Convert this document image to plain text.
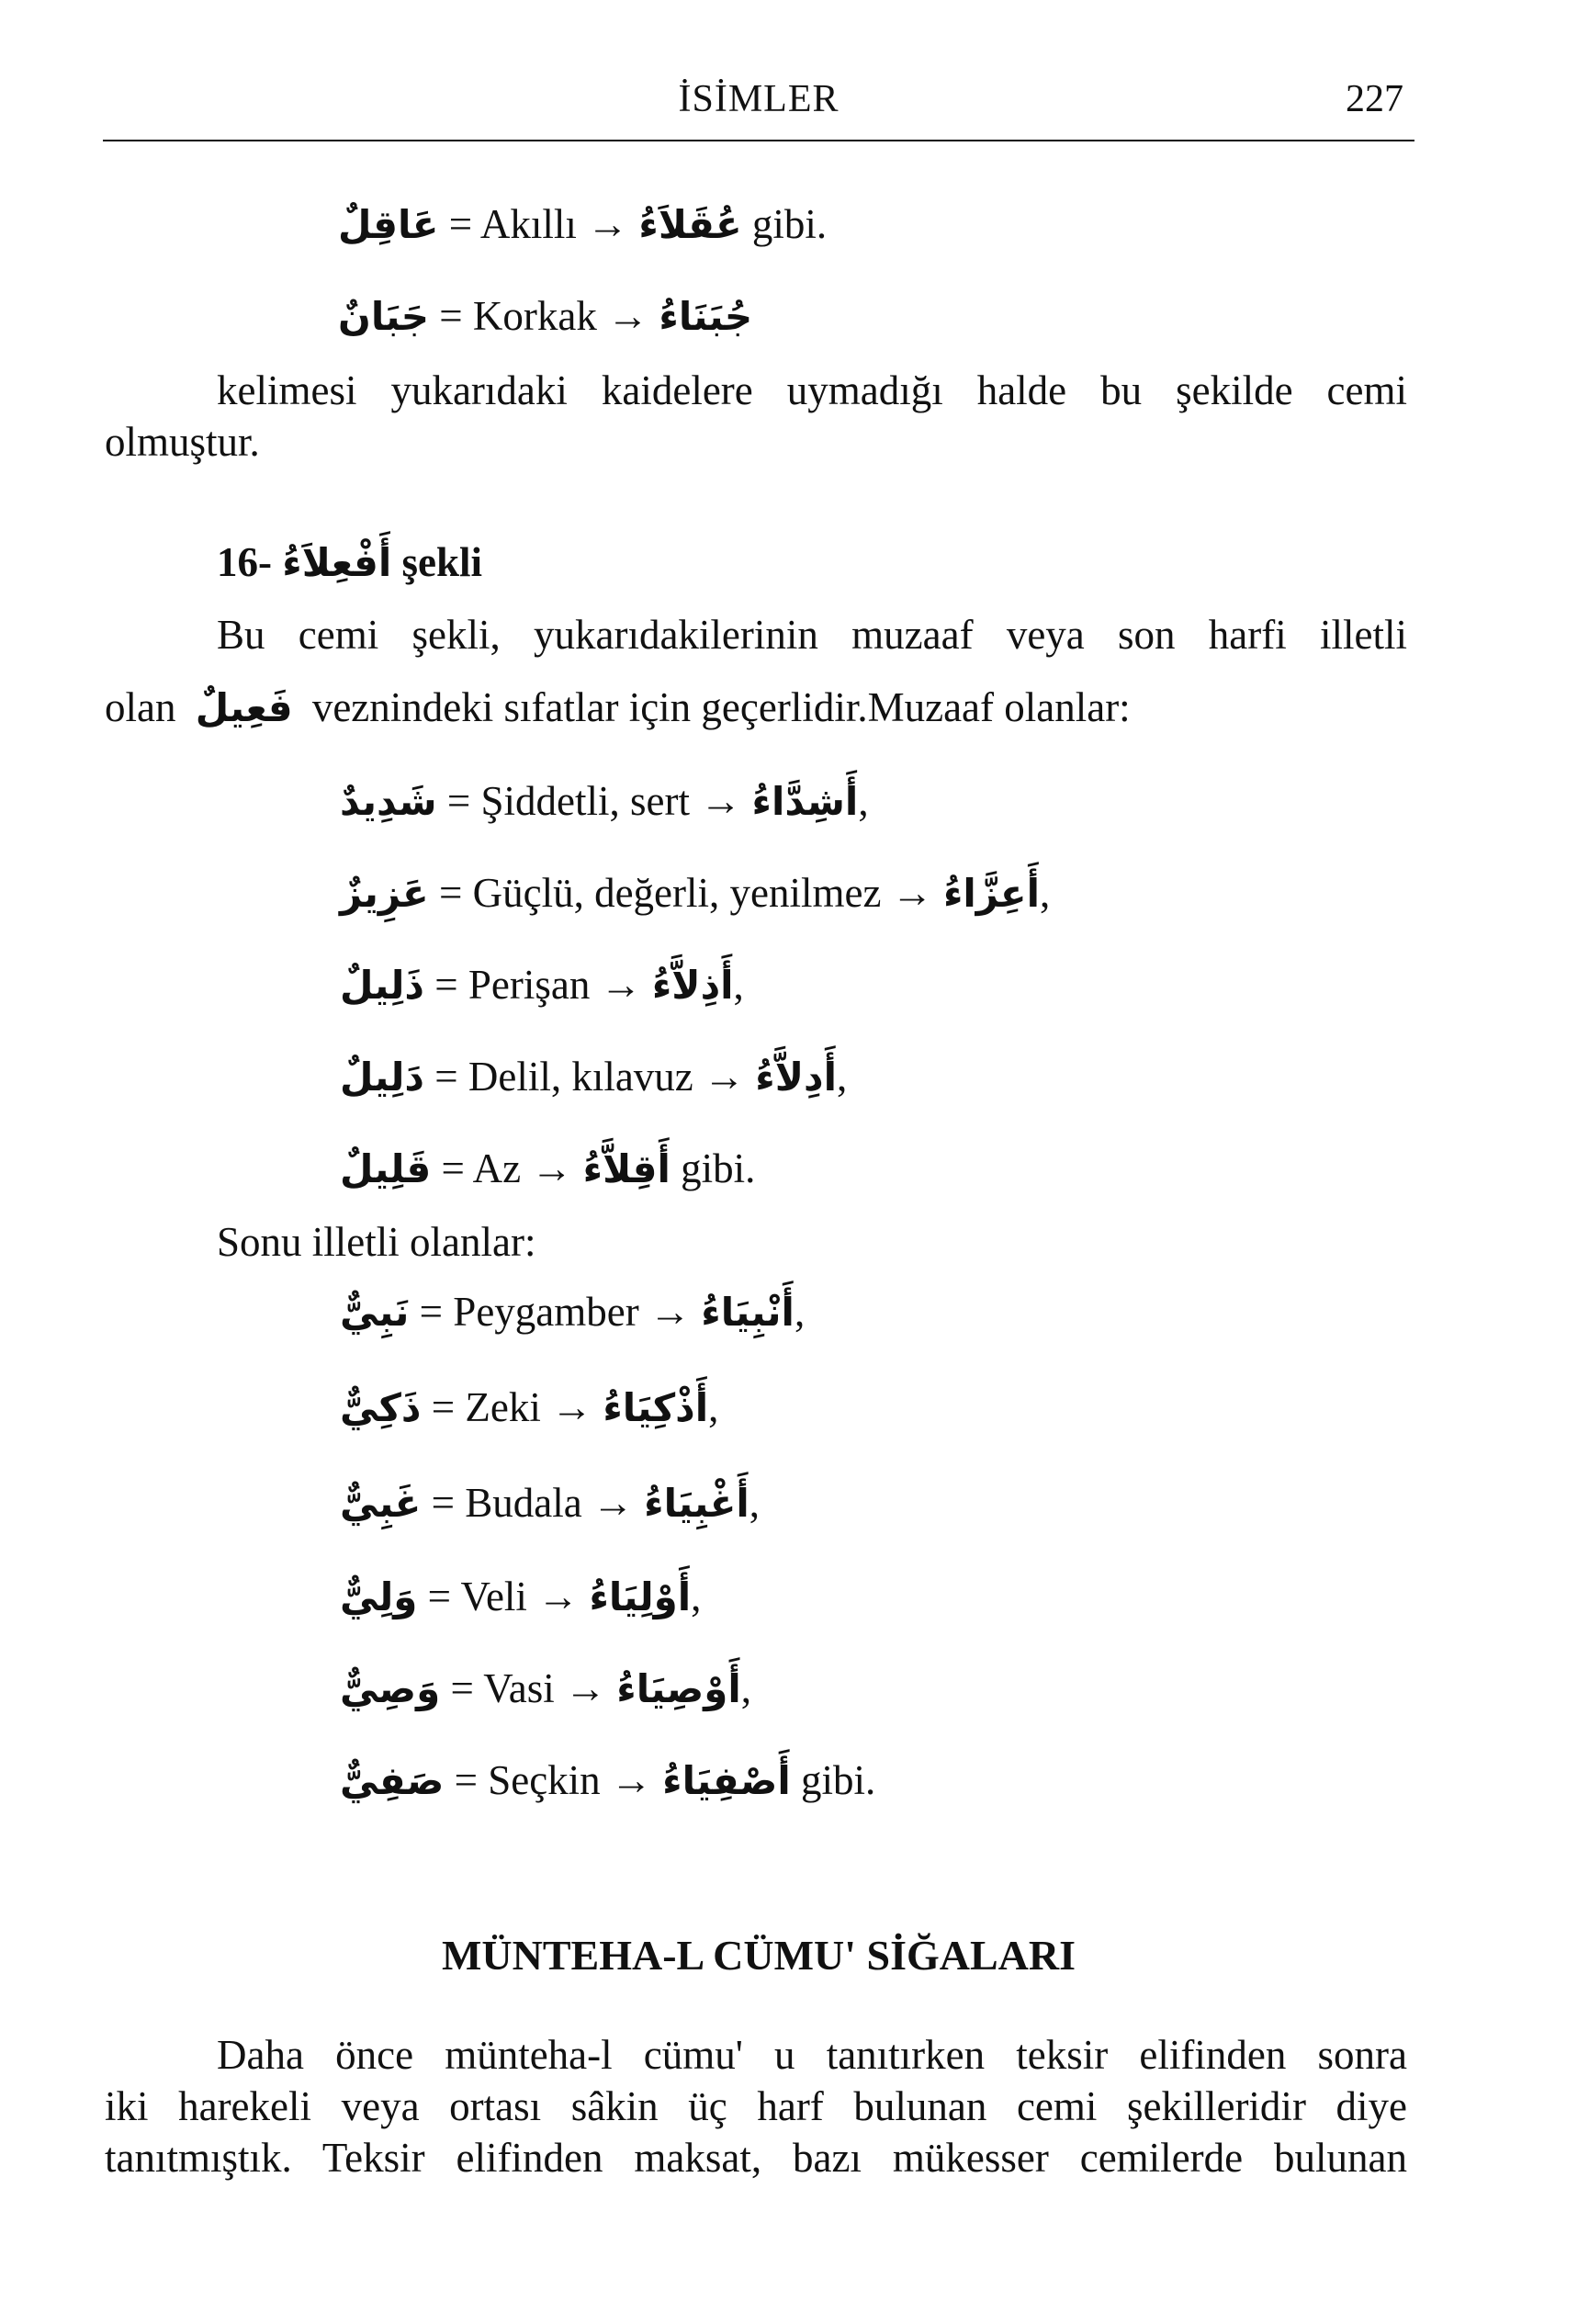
İSİMLER	227
عَاقِلٌ = Akıllı → عُقَلاَءُ gibi.
جَبَانٌ = Korkak → جُبَنَاءُ
kelimesi yukarıdaki kaidelere uymadığı halde bu şekilde cemi
olmuştur.
16- أَفْعِلاَءُ şekli
Bu cemi şekli, yukarıdakilerinin muzaaf veya son harfi illetli
olan فَعِيلٌ veznindeki sıfatlar için geçerlidir.Muzaaf olanlar:
شَدِيدٌ = Şiddetli, sert → أَشِدَّاءُ,
عَزِيزٌ = Güçlü, değerli, yenilmez → أَعِزَّاءُ,
ذَلِيلٌ = Perişan → أَذِلاَّءُ,
دَلِيلٌ = Delil, kılavuz → أَدِلاَّءُ,
قَلِيلٌ = Az → أَقِلاَّءُ gibi.
Sonu illetli olanlar:
نَبِيٌّ = Peygamber → أَنْبِيَاءُ,
ذَكِيٌّ = Zeki → أَذْكِيَاءُ,
غَبِيٌّ = Budala → أَغْبِيَاءُ,
وَلِيٌّ = Veli → أَوْلِيَاءُ,
وَصِيٌّ = Vasi → أَوْصِيَاءُ,
صَفِيٌّ = Seçkin → أَصْفِيَاءُ gibi.
MÜNTEHA-L CÜMU' SİĞALARI
Daha önce münteha-l cümu' u tanıtırken teksir elifinden sonra
iki harekeli veya ortası sâkin üç harf bulunan cemi şekilleridir diye
tanıtmıştık. Teksir elifinden maksat, bazı mükesser cemilerde bulunan
